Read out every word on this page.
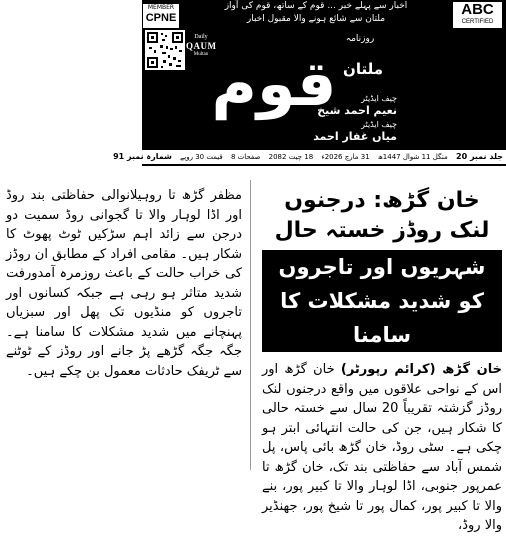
MEMBER
CPNE
اخبار سے پہلے خبر ... قوم کے ساتھ، قوم کی آواز
ملتان سے شائع ہونے والا مقبول اخبار
ABC
CERTIFIED
Daily
QAUM
Multan قوم
روزنامہ
ملتان
چیف ایڈیٹر
نعیم احمد شیخ
چیف ایڈیٹر
میاں غفار احمد
جلد نمبر 20 منگل 11 شوال 1447ھ 31 مارچ 2026ء 18 چیت 2082 صفحات 8 قیمت 30 روپے شمارہ نمبر 91
خان گڑھ: درجنوں لنک روڈز خستہ حال
شہریوں اور تاجروں کو شدید مشکلات کا سامنا

خان گڑھ (کرائم رپورٹر) خان گڑھ اور اس کے نواحی علاقوں میں واقع درجنوں لنک روڈز گزشتہ تقریباً 20 سال سے خستہ حالی کا شکار ہیں، جن کی حالت انتہائی ابتر ہو چکی ہے۔ سٹی روڈ، خان گڑھ بائی پاس، پل شمس آباد سے حفاظتی بند تک، خان گڑھ تا عمرپور جنوبی، اڈا لوہار والا تا کبیر پور، بنے والا تا کبیر پور، کمال پور تا شیخ پور، جھنڈیر والا روڈ،

مظفر گڑھ تا روہیلانوالی حفاظتی بند روڈ اور اڈا لوہار والا تا گجوانی روڈ سمیت دو درجن سے زائد اہم سڑکیں ٹوٹ پھوٹ کا شکار ہیں۔ مقامی افراد کے مطابق ان روڈز کی خراب حالت کے باعث روزمرہ آمدورفت شدید متاثر ہو رہی ہے جبکہ کسانوں اور تاجروں کو منڈیوں تک پھل اور سبزیاں پہنچانے میں شدید مشکلات کا سامنا ہے۔ جگہ جگہ گڑھے پڑ جانے اور روڈز کے ٹوٹنے سے ٹریفک حادثات معمول بن چکے ہیں۔
